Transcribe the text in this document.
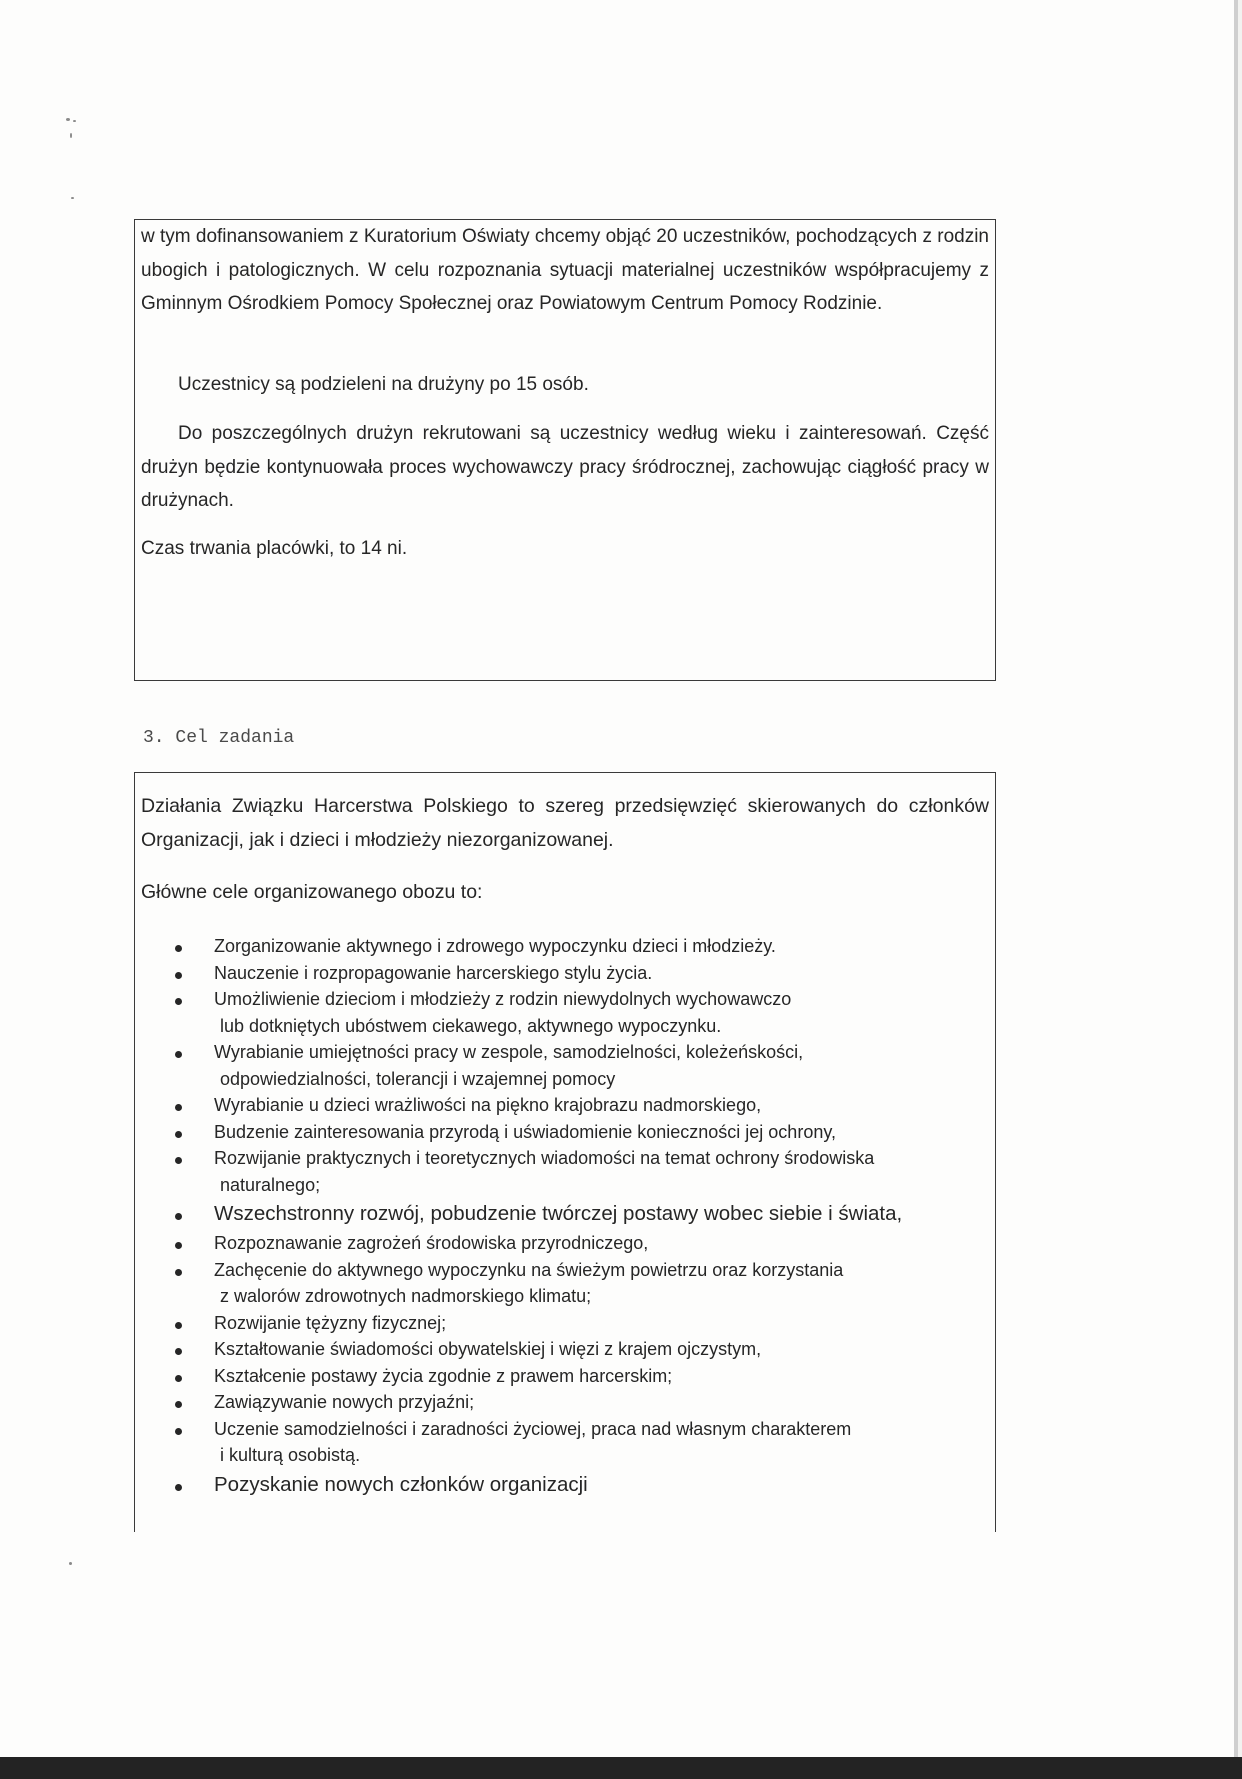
w tym dofinansowaniem z Kuratorium Oświaty chcemy objąć 20 uczestników, pochodzących z rodzin ubogich i patologicznych. W celu rozpoznania sytuacji materialnej uczestników współpracujemy z Gminnym Ośrodkiem Pomocy Społecznej oraz Powiatowym Centrum Pomocy Rodzinie.

Uczestnicy są podzieleni na drużyny po 15 osób.

Do poszczególnych drużyn rekrutowani są uczestnicy według wieku i zainteresowań. Część drużyn będzie kontynuowała proces wychowawczy pracy śródrocznej, zachowując ciągłość pracy w drużynach.

Czas trwania placówki, to 14 ni.

3. Cel zadania

Działania Związku Harcerstwa Polskiego to szereg przedsięwzięć skierowanych do członków Organizacji, jak i dzieci i młodzieży niezorganizowanej.

Główne cele organizowanego obozu to:

Zorganizowanie aktywnego i zdrowego wypoczynku dzieci i młodzieży.
Nauczenie i rozpropagowanie harcerskiego stylu życia.
Umożliwienie dzieciom i młodzieży z rodzin niewydolnych wychowawczo
lub dotkniętych ubóstwem ciekawego, aktywnego wypoczynku.
Wyrabianie umiejętności pracy w zespole, samodzielności, koleżeńskości,
odpowiedzialności, tolerancji i wzajemnej pomocy
Wyrabianie u dzieci wrażliwości na piękno krajobrazu nadmorskiego,
Budzenie zainteresowania przyrodą i uświadomienie konieczności jej ochrony,
Rozwijanie praktycznych i teoretycznych wiadomości na temat ochrony środowiska
naturalnego;
Wszechstronny rozwój, pobudzenie twórczej postawy wobec siebie i świata,
Rozpoznawanie zagrożeń środowiska przyrodniczego,
Zachęcenie do aktywnego wypoczynku na świeżym powietrzu oraz korzystania
z walorów zdrowotnych nadmorskiego klimatu;
Rozwijanie tężyzny fizycznej;
Kształtowanie świadomości obywatelskiej i więzi z krajem ojczystym,
Kształcenie postawy życia zgodnie z prawem harcerskim;
Zawiązywanie nowych przyjaźni;
Uczenie samodzielności i zaradności życiowej, praca nad własnym charakterem
i kulturą osobistą.
Pozyskanie nowych członków organizacji
